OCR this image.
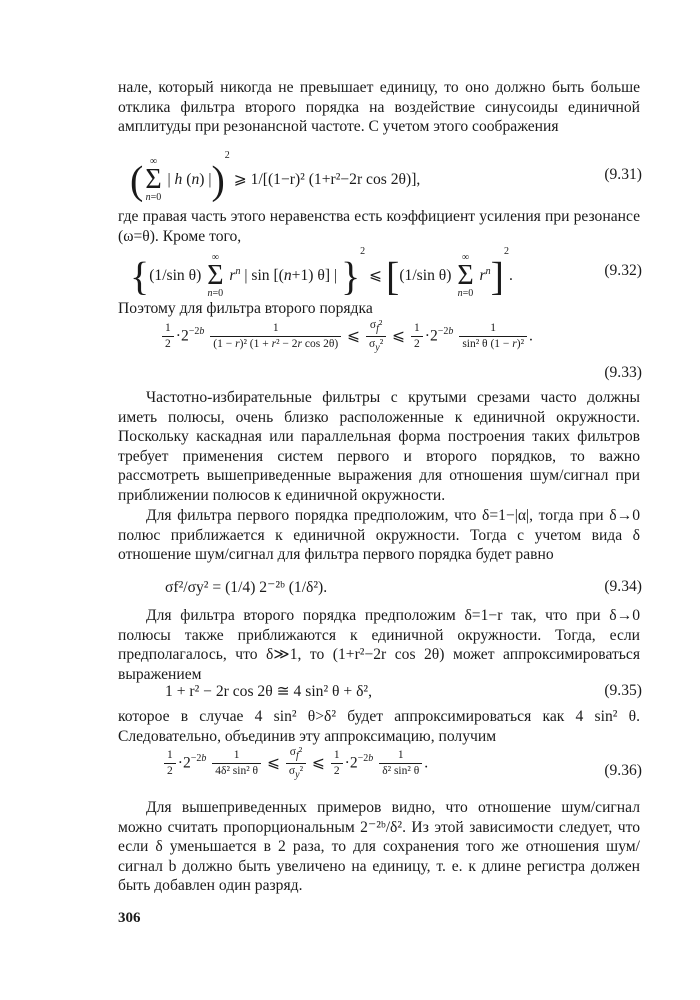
нале, который никогда не превышает единицу, то оно должно быть больше отклика фильтра второго порядка на воздействие синусоиды единичной амплитуды при резонансной частоте. С учетом этого соображения

( ∞
Σ
n=0
| h (n) |)$^2$ ⩾ 1/[(1−r)² (1+r²−2r cos 2θ)],	(9.31)

где правая часть этого неравенства есть коэффициент усиления при резонансе (ω=θ). Кроме того,

{(1/sin θ)
∞
Σ
n=0
$r^n$ | sin [(n+1) θ] | }$^2$ ⩽ [(1/sin θ)
∞
Σ
n=0
$r^n]^2$.	(9.32)

Поэтому для фильтра второго порядка

$\frac{1}{2} \cdot 2^{-2b} \frac{1}{\text{(1 − r)² (1 + r² − 2r cos 2θ)}}$ ⩽ $\frac{\sigma_f^2}{\sigma_y^2}$ ⩽ $\frac{1}{2} \cdot 2^{-2b} \frac{1}{\text{sin² θ (1 − r)²}}$ .
(9.33)

Частотно-избирательные фильтры с крутыми срезами часто должны иметь полюсы, очень близко расположенные к единичной окружности. Поскольку каскадная или параллельная форма построения таких фильтров требует применения систем первого и второго порядков, то важно рассмотреть вышеприведенные выражения для отношения шум/сигнал при приближении полюсов к единичной окружности.

Для фильтра первого порядка предположим, что δ=1−|α|, тогда при δ→0 полюс приближается к единичной окружности. Тогда с учетом вида δ отношение шум/сигнал для фильтра первого порядка будет равно

σf²/σy² = (1/4) 2⁻²ᵇ (1/δ²).	(9.34)

Для фильтра второго порядка предположим δ=1−r так, что при δ→0 полюсы также приближаются к единичной окружности. Тогда, если предполагалось, что δ≫1, то (1+r²−2r cos 2θ) может аппроксимироваться выражением

1 + r² − 2r cos 2θ ≅ 4 sin² θ + δ²,	(9.35)

которое в случае 4 sin² θ>δ² будет аппроксимироваться как 4 sin² θ. Следовательно, объединив эту аппроксимацию, получим

$\frac{1}{2} \cdot 2^{-2b} \frac{1}{\text{4δ² sin² θ}}$ ⩽ $\frac{\sigma_f^2}{\sigma_y^2}$ ⩽ $\frac{1}{2} \cdot 2^{-2b} \frac{1}{\text{δ² sin² θ}}$ .	(9.36)

Для вышеприведенных примеров видно, что отношение шум/сигнал можно считать пропорциональным 2⁻²ᵇ/δ². Из этой зависимости следует, что если δ уменьшается в 2 раза, то для сохранения того же отношения шум/сигнал b должно быть увеличено на единицу, т. е. к длине регистра должен быть добавлен один разряд.

306
